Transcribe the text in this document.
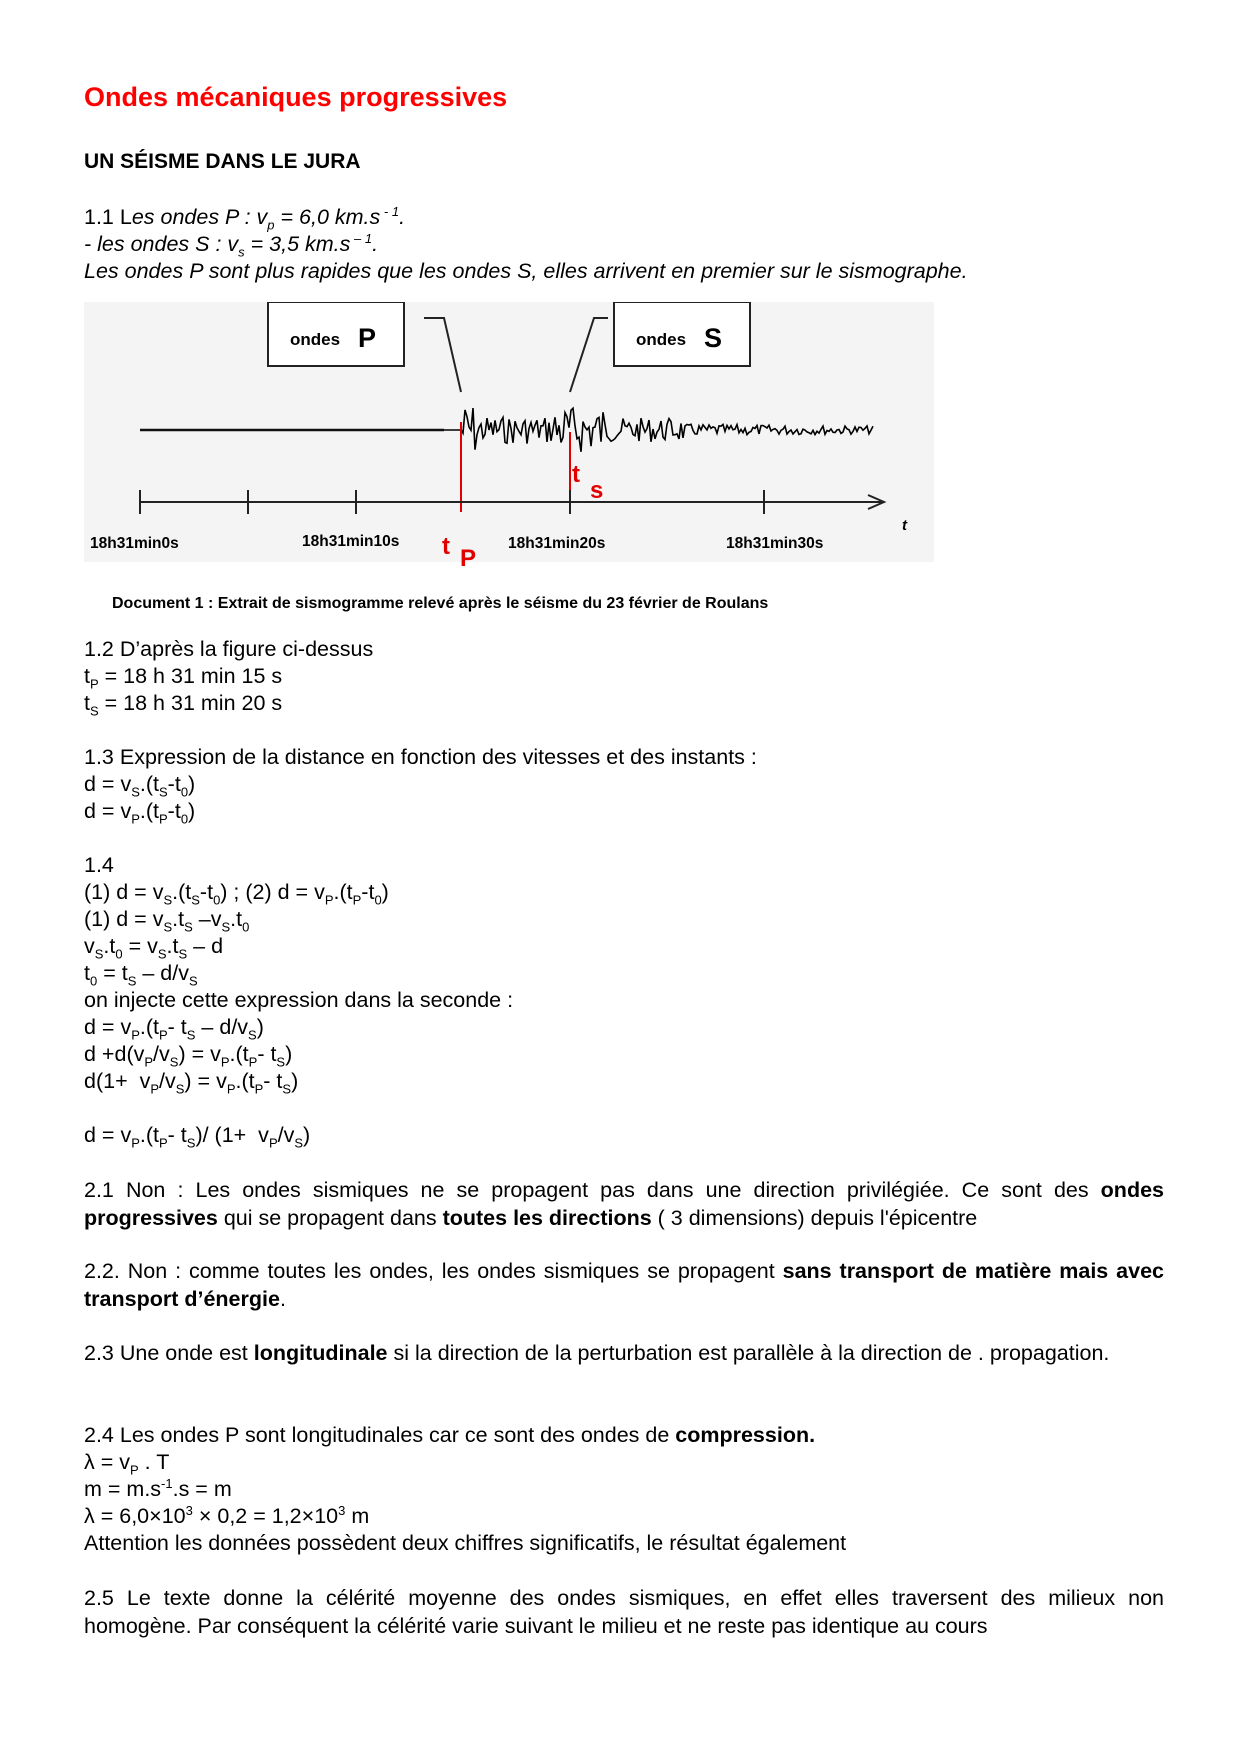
Ondes mécaniques progressives
UN SÉISME DANS LE JURA
1.1 Les ondes P : $v_p = 6,0$ km.s $^{- 1}$.
- les ondes S : $v_s = 3,5$ km.s $^{- 1}$.
Les ondes P sont plus rapides que les ondes S, elles arrivent en premier sur le sismographe.
ondes P	ondes S
t
18h31min0s	18h31min10s	18h31min20s	18h31min30s
t P
t
s
Document 1 : Extrait de sismogramme relevé après le séisme du 23 février de Roulans
1.2 D’après la figure ci-dessus
$t_P = 18$ h 31 min 15 s
$t_S = 18$ h 31 min 20 s
1.3 Expression de la distance en fonction des vitesses et des instants :
$d = v_S.(t_S-t_0)$
$d = v_P.(t_P-t_0)$
1.4
(1) $d = v_S.(t_S-t_0)$ ; (2) $d = v_P.(t_P-t_0)$
(1) $d = v_S.t_S$ $-v_S.t_0$
$v_S.t_0 = v_S.t_S - d$
$t_0 = t_S - d/v_S$
on injecte cette expression dans la seconde :
$d = v_P.(t_P-$ $t_S - d/v_S$)
$d +d(v_P/v_S) = v_P.(t_P-$ $t_S$)
$d(1+ v_P/v_S) = v_P.(t_P-$ $t_S$)
$d = v_P.(t_P-$ $t_S)/$ $(1+ v_P/v_S)$
2.1 Non : Les ondes sismiques ne se propagent pas dans une direction privilégiée. Ce sont des ondes progressives qui se propagent dans toutes les directions ( 3 dimensions) depuis l'épicentre
2.2. Non : comme toutes les ondes, les ondes sismiques se propagent sans transport de matière mais avec transport d’énergie.
2.3 Une onde est longitudinale si la direction de la perturbation est parallèle à la direction de . propagation.
2.4 Les ondes P sont longitudinales car ce sont des ondes de compression.
$\lambda = v_P$ . T
$m = m.s^{-1}.s = m$
$\lambda = 6,0\times 10^3 \times 0,2 = 1,2\times 10^3$ m
Attention les données possèdent deux chiffres significatifs, le résultat également
2.5 Le texte donne la célérité moyenne des ondes sismiques, en effet elles traversent des milieux non homogène. Par conséquent la célérité varie suivant le milieu et ne reste pas identique au cours
